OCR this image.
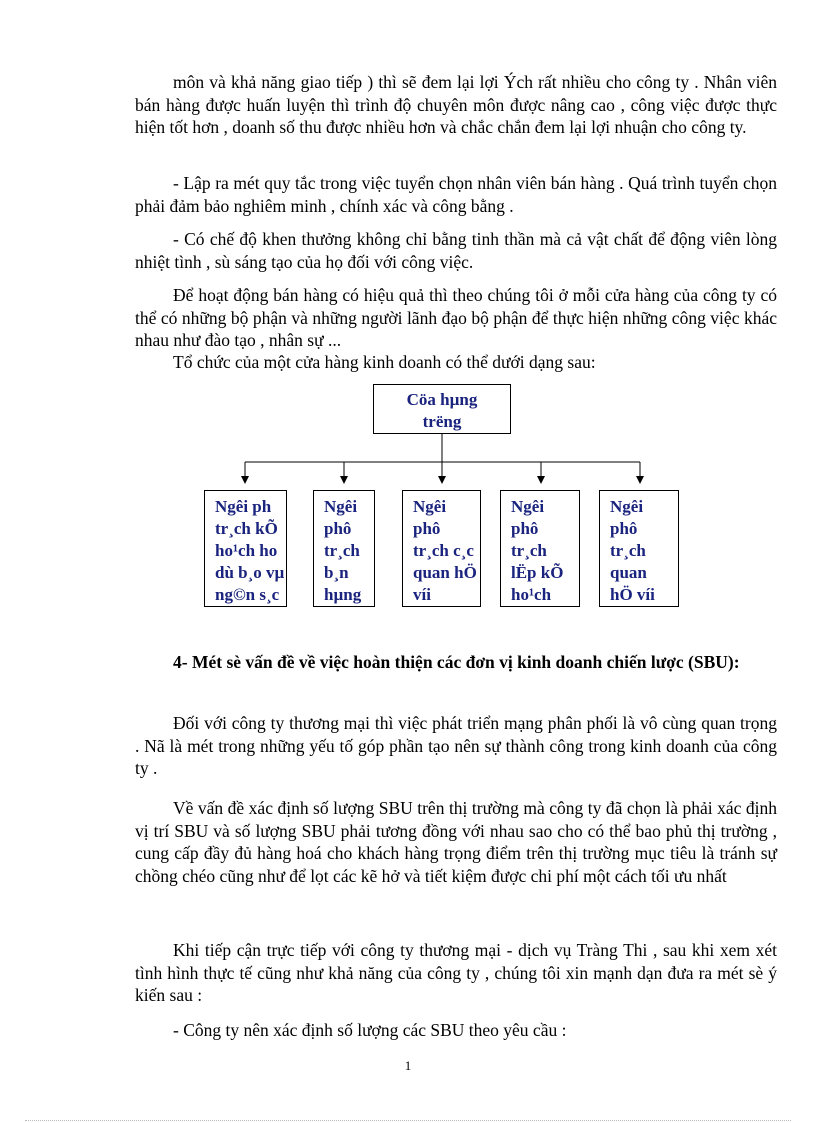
môn và khả năng giao tiếp ) thì sẽ đem lại lợi Ých rất nhiều cho công ty . Nhân viên bán hàng được huấn luyện thì trình độ chuyên môn được nâng cao , công việc được thực hiện tốt hơn , doanh số thu được nhiều hơn và chắc chắn đem lại lợi nhuận cho công ty.

- Lập ra mét quy tắc trong việc tuyển chọn nhân viên bán hàng . Quá trình tuyển chọn phải đảm bảo nghiêm minh , chính xác và công bằng .

- Có chế độ khen thưởng không chỉ bằng tinh thần mà cả vật chất để động viên lòng nhiệt tình , sù sáng tạo của họ đối với công việc.

Để hoạt động bán hàng có hiệu quả thì theo chúng tôi ở mỗi cửa hàng của công ty có thể có những bộ phận và những người lãnh đạo bộ phận để thực hiện những công việc khác nhau như đào tạo , nhân sự ...

Tổ chức của một cửa hàng kinh doanh có thể dưới dạng sau:

Cöa hµng
trëng
Ngêi ph
tr¸ch kÕ
ho¹ch ho
dù b¸o vµ
ng©n s¸c
Ngêi
phô
tr¸ch
b¸n
hµng
Ngêi
phô
tr¸ch c¸c
quan hÖ
víi
Ngêi
phô
tr¸ch
lËp kÕ
ho¹ch
Ngêi
phô
tr¸ch
quan
hÖ víi

4- Mét sè vấn đề về việc hoàn thiện các đơn vị kinh doanh chiến lược (SBU):

Đối với công ty thương mại thì việc phát triển mạng phân phối là vô cùng quan trọng . Nã là mét trong những yếu tố góp phần tạo nên sự thành công trong kinh doanh của công ty .

Về vấn đề xác định số lượng SBU trên thị trường mà công ty đã chọn là phải xác định vị trí SBU và số lượng SBU phải tương đồng với nhau sao cho có thể bao phủ thị trường , cung cấp đầy đủ hàng hoá cho khách hàng trọng điểm trên thị trường mục tiêu là tránh sự chồng chéo cũng như để lọt các kẽ hở và tiết kiệm được chi phí một cách tối ưu nhất

Khi tiếp cận trực tiếp với công ty thương mại - dịch vụ Tràng Thi , sau khi xem xét tình hình thực tế cũng như khả năng của công ty , chúng tôi xin mạnh dạn đưa ra mét sè ý kiến sau :

- Công ty nên xác định số lượng các SBU theo yêu cầu :

1
